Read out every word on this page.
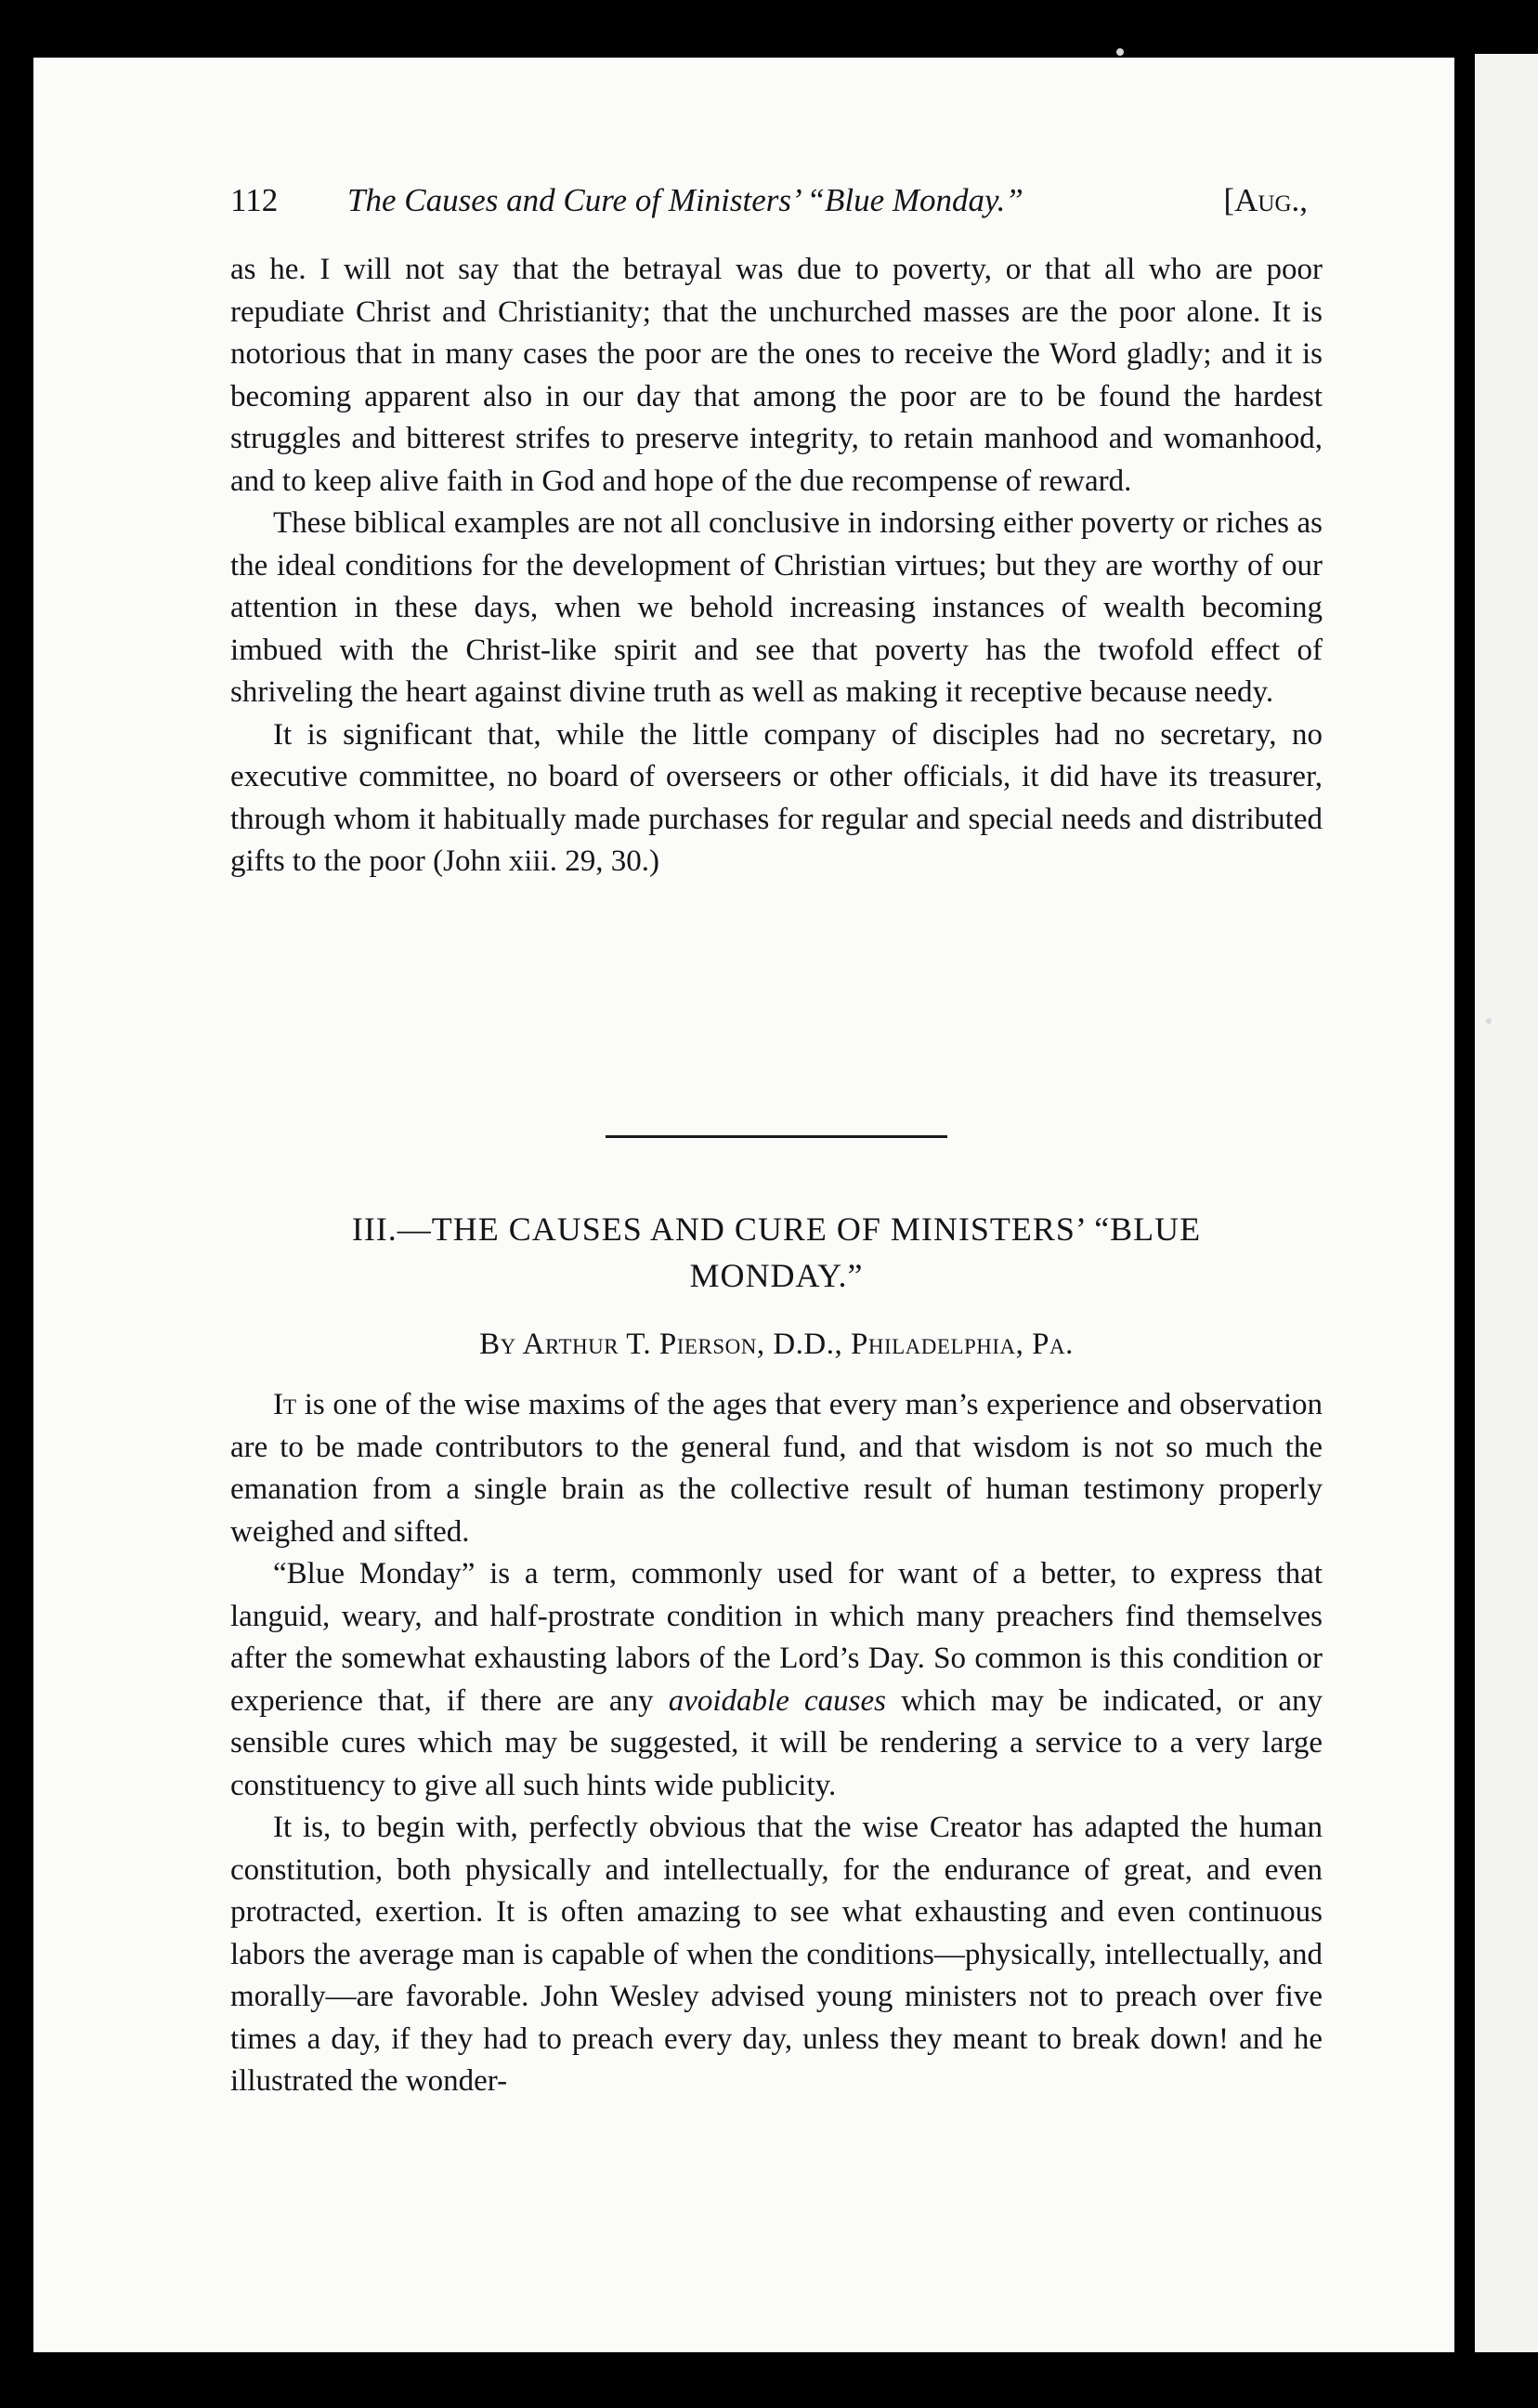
112 The Causes and Cure of Ministers’ “Blue Monday.”	[Aug.,

as he. I will not say that the betrayal was due to poverty, or that all who are poor repudiate Christ and Christianity; that the unchurched masses are the poor alone. It is notorious that in many cases the poor are the ones to receive the Word gladly; and it is becoming apparent also in our day that among the poor are to be found the hardest struggles and bitterest strifes to preserve integrity, to retain manhood and womanhood, and to keep alive faith in God and hope of the due recompense of reward.

These biblical examples are not all conclusive in indorsing either poverty or riches as the ideal conditions for the development of Christian virtues; but they are worthy of our attention in these days, when we behold increasing instances of wealth becoming imbued with the Christ-like spirit and see that poverty has the twofold effect of shriveling the heart against divine truth as well as making it receptive because needy.

It is significant that, while the little company of disciples had no secretary, no executive committee, no board of overseers or other officials, it did have its treasurer, through whom it habitually made purchases for regular and special needs and distributed gifts to the poor (John xiii. 29, 30.)

III.—THE CAUSES AND CURE OF MINISTERS’ “BLUE
MONDAY.”
By Arthur T. Pierson, D.D., Philadelphia, Pa.

It is one of the wise maxims of the ages that every man’s experience and observation are to be made contributors to the general fund, and that wisdom is not so much the emanation from a single brain as the collective result of human testimony properly weighed and sifted.

“Blue Monday” is a term, commonly used for want of a better, to express that languid, weary, and half-prostrate condition in which many preachers find themselves after the somewhat exhausting labors of the Lord’s Day. So common is this condition or experience that, if there are any avoidable causes which may be indicated, or any sensible cures which may be suggested, it will be rendering a service to a very large constituency to give all such hints wide publicity.

It is, to begin with, perfectly obvious that the wise Creator has adapted the human constitution, both physically and intellectually, for the endurance of great, and even protracted, exertion. It is often amazing to see what exhausting and even continuous labors the average man is capable of when the conditions—physically, intellectually, and morally—are favorable. John Wesley advised young ministers not to preach over five times a day, if they had to preach every day, unless they meant to break down! and he illustrated the wonder-
